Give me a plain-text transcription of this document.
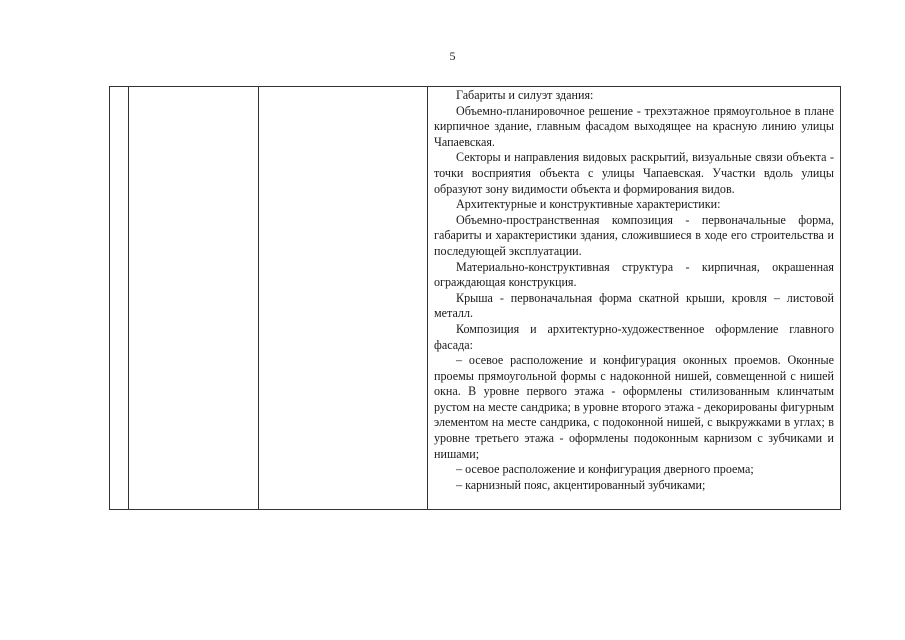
5

Габариты и силуэт здания:

Объемно-планировочное решение - трехэтажное прямоугольное в плане кирпичное здание, главным фасадом выходящее на красную линию улицы Чапаевская.

Секторы и направления видовых раскрытий, визуальные связи объекта - точки восприятия объекта с улицы Чапаевская. Участки вдоль улицы образуют зону видимости объекта и формирования видов.

Архитектурные и конструктивные характеристики:

Объемно-пространственная композиция - первоначальные форма, габариты и характеристики здания, сложившиеся в ходе его строительства и последующей эксплуатации.

Материально-конструктивная структура - кирпичная, окрашенная ограждающая конструкция.

Крыша - первоначальная форма скатной крыши, кровля – листовой металл.

Композиция и архитектурно-художественное оформление главного фасада:

– осевое расположение и конфигурация оконных проемов. Оконные проемы прямоугольной формы с надоконной нишей, совмещенной с нишей окна. В уровне первого этажа - оформлены стилизованным клинчатым рустом на месте сандрика; в уровне второго этажа - декорированы фигурным элементом на месте сандрика, с подоконной нишей, с выкружками в углах; в уровне третьего этажа - оформлены подоконным карнизом с зубчиками и нишами;

– осевое расположение и конфигурация дверного проема;

– карнизный пояс, акцентированный зубчиками;
